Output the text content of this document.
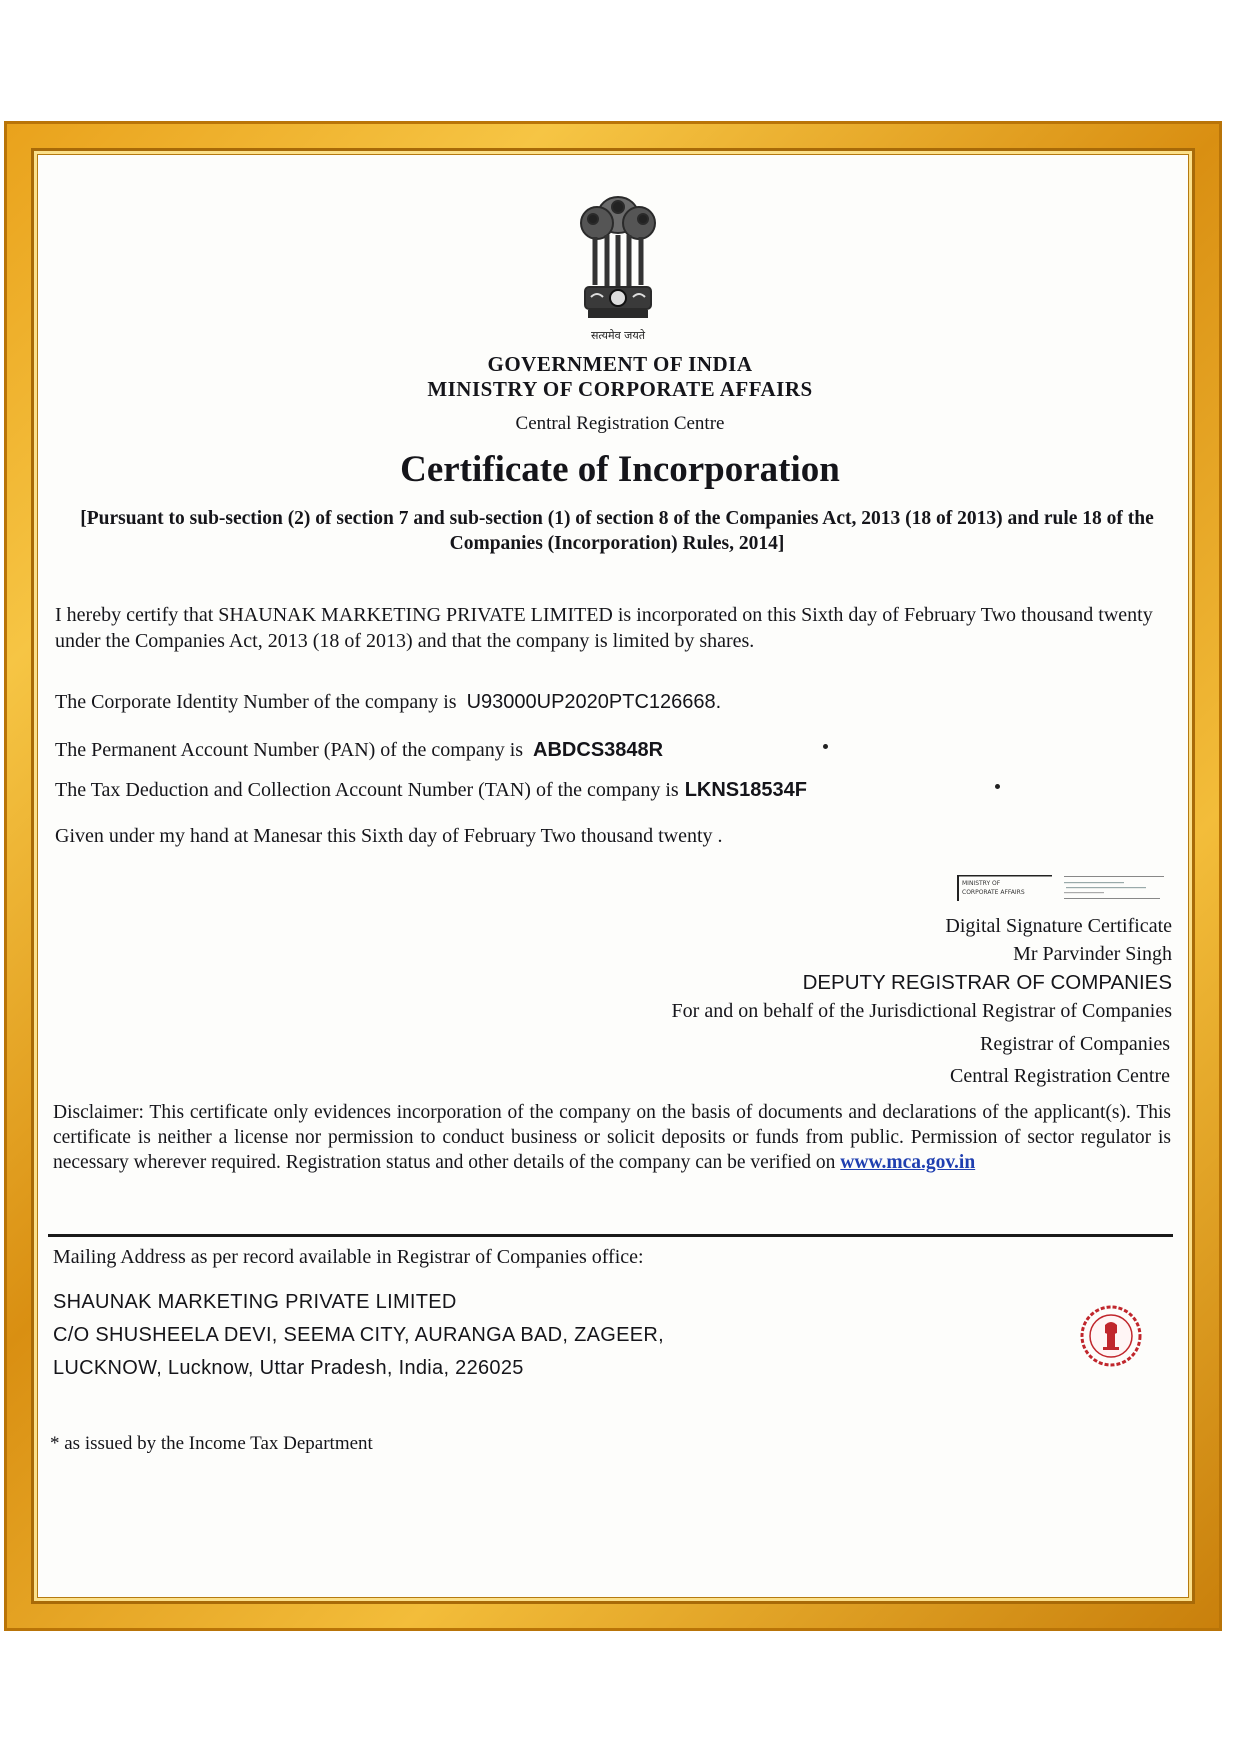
सत्यमेव जयते
GOVERNMENT OF INDIA
MINISTRY OF CORPORATE AFFAIRS
Central Registration Centre
Certificate of Incorporation
[Pursuant to sub-section (2) of section 7 and sub-section (1) of section 8 of the Companies Act, 2013 (18 of 2013) and rule 18 of the Companies (Incorporation) Rules, 2014]
I hereby certify that SHAUNAK MARKETING PRIVATE LIMITED is incorporated on this Sixth day of February Two thousand twenty under the Companies Act, 2013 (18 of 2013) and that the company is limited by shares.
The Corporate Identity Number of the company is U93000UP2020PTC126668.
The Permanent Account Number (PAN) of the company is ABDCS3848R
The Tax Deduction and Collection Account Number (TAN) of the company is LKNS18534F
Given under my hand at Manesar this Sixth day of February Two thousand twenty .
MINISTRY OF
CORPORATE AFFAIRS
Digital Signature Certificate
Mr Parvinder Singh
DEPUTY REGISTRAR OF COMPANIES
For and on behalf of the Jurisdictional Registrar of Companies
Registrar of Companies
Central Registration Centre
Disclaimer: This certificate only evidences incorporation of the company on the basis of documents and declarations of the applicant(s). This certificate is neither a license nor permission to conduct business or solicit deposits or funds from public. Permission of sector regulator is necessary wherever required. Registration status and other details of the company can be verified on www.mca.gov.in
Mailing Address as per record available in Registrar of Companies office:
SHAUNAK MARKETING PRIVATE LIMITED
C/O SHUSHEELA DEVI, SEEMA CITY, AURANGA BAD, ZAGEER,
LUCKNOW, Lucknow, Uttar Pradesh, India, 226025
* as issued by the Income Tax Department
